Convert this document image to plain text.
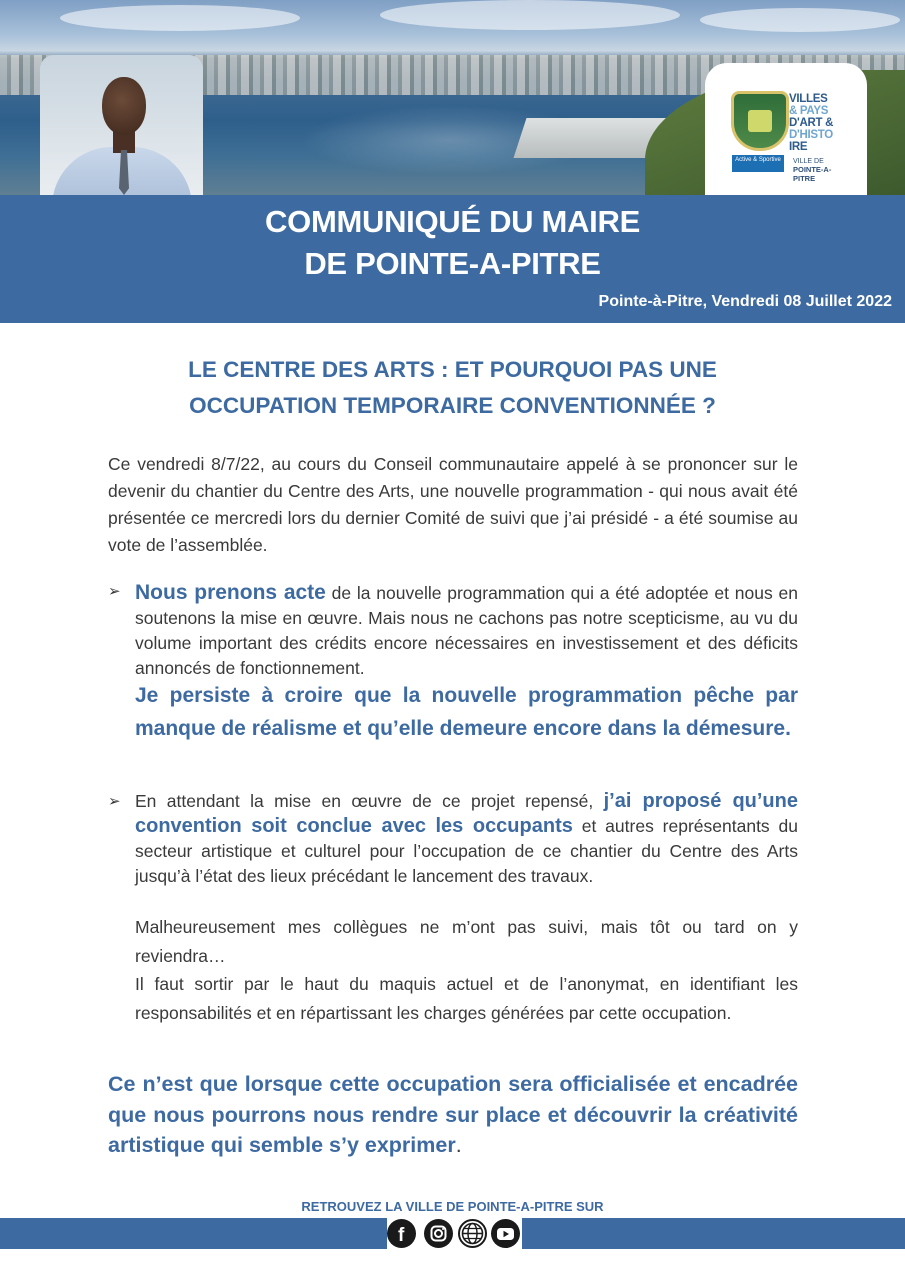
VILLES
& PAYS
D'ART &
D'HISTO
IRE
Active & Sportive	VILLE DE
POINTE-A-PITRE
COMMUNIQUÉ DU MAIRE
DE POINTE-A-PITRE
Pointe-à-Pitre, Vendredi 08 Juillet 2022
LE CENTRE DES ARTS : ET POURQUOI PAS UNE
OCCUPATION TEMPORAIRE CONVENTIONNÉE ?
Ce vendredi 8/7/22, au cours du Conseil communautaire appelé à se prononcer sur le devenir du chantier du Centre des Arts, une nouvelle programmation - qui nous avait été présentée ce mercredi lors du dernier Comité de suivi que j’ai présidé - a été soumise au vote de l’assemblée.
➢ Nous prenons acte de la nouvelle programmation qui a été adoptée et nous en soutenons la mise en œuvre. Mais nous ne cachons pas notre scepticisme, au vu du volume important des crédits encore nécessaires en investissement et des déficits annoncés de fonctionnement.
Je persiste à croire que la nouvelle programmation pêche par manque de réalisme et qu’elle demeure encore dans la démesure.
➢ En attendant la mise en œuvre de ce projet repensé, j’ai proposé qu’une convention soit conclue avec les occupants et autres représentants du secteur artistique et culturel pour l’occupation de ce chantier du Centre des Arts jusqu’à l’état des lieux précédant le lancement des travaux.
Malheureusement mes collègues ne m’ont pas suivi, mais tôt ou tard on y reviendra…
Il faut sortir par le haut du maquis actuel et de l’anonymat, en identifiant les responsabilités et en répartissant les charges générées par cette occupation.
Ce n’est que lorsque cette occupation sera officialisée et encadrée que nous pourrons nous rendre sur place et découvrir la créativité artistique qui semble s’y exprimer.
RETROUVEZ LA VILLE DE POINTE-A-PITRE SUR
f
